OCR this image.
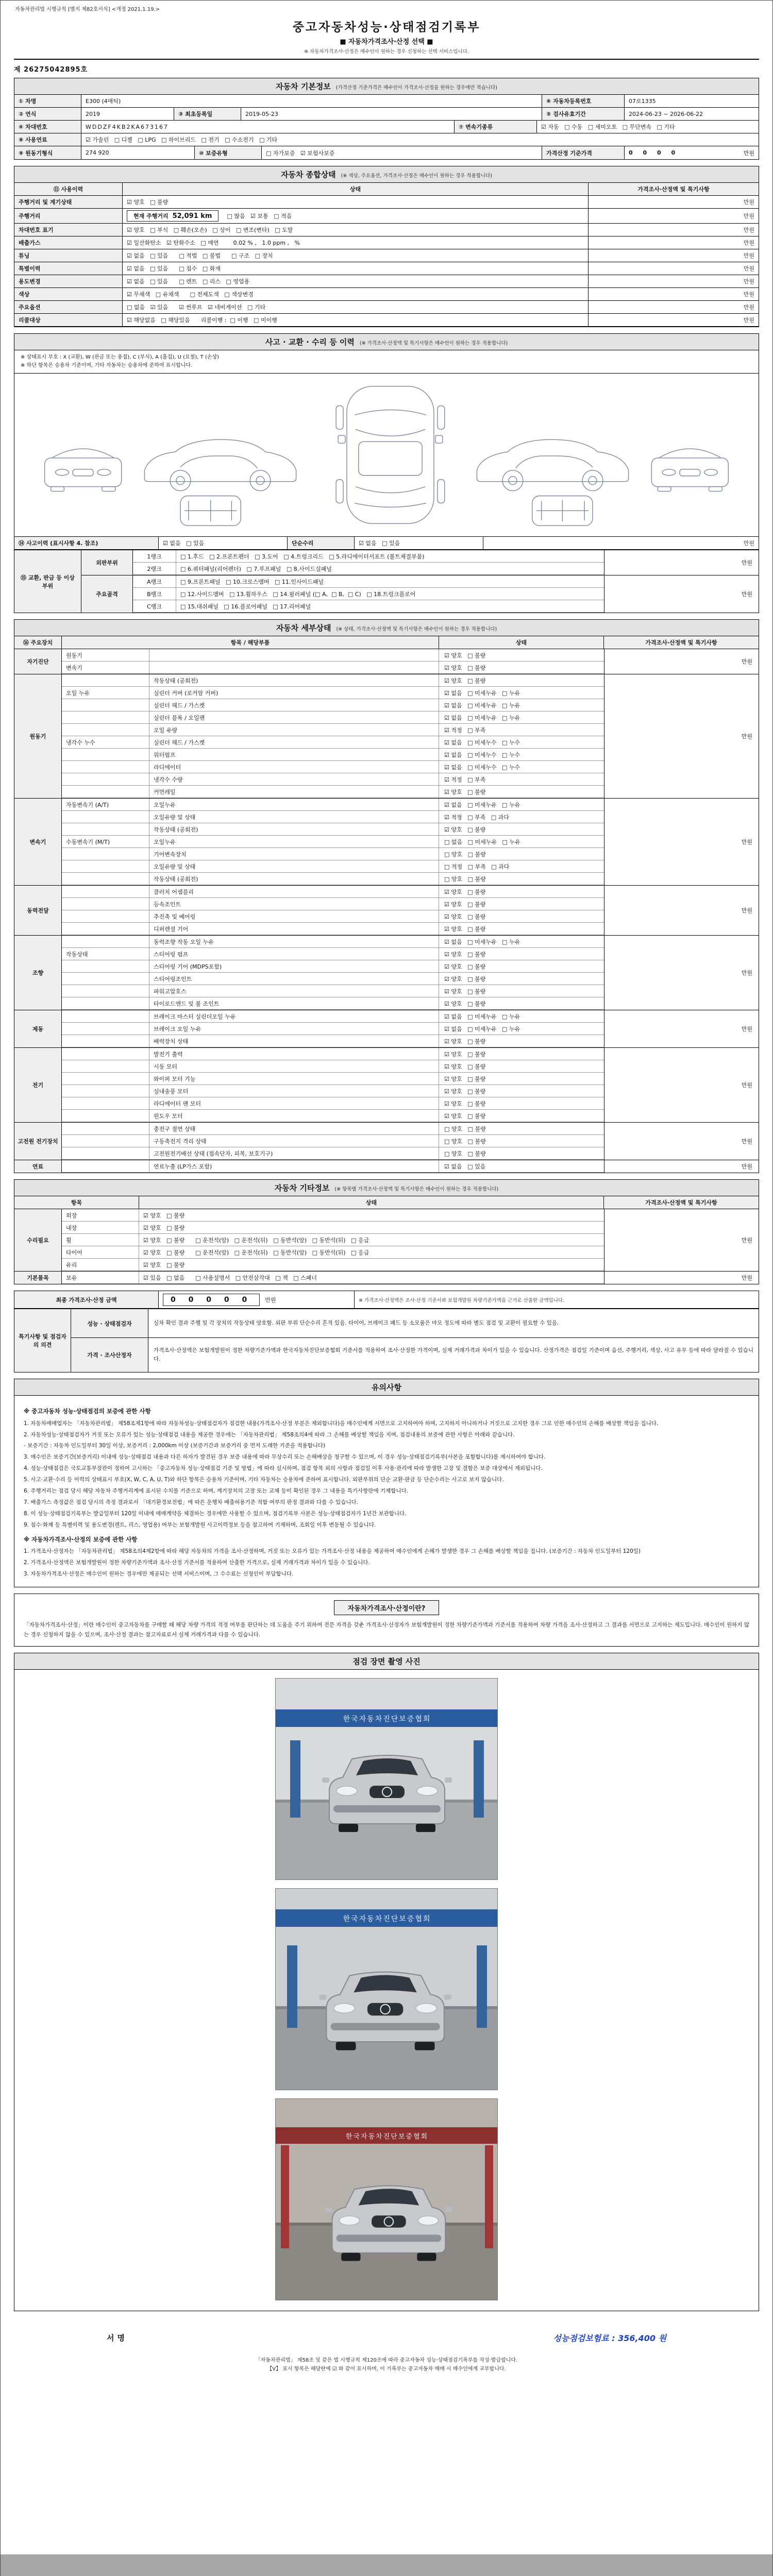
자동차관리법 시행규칙 [별지 제82호서식] <개정 2021.1.19.>
중고자동차성능·상태점검기록부
■ 자동차가격조사·산정 선택 ■
※ 자동차가격조사·산정은 매수인이 원하는 경우 신청하는 선택 서비스입니다.
제 26275042895호
자동차 기본정보 (가격산정 기준가격은 매수인이 가격조사·산정을 원하는 경우에만 적습니다)
① 차명	E300 (4매틱)	⑥ 자동차등록번호	07로1335
② 연식	2019	③ 최초등록일	2019-05-23	⑤ 검사유효기간	2024-06-23 ~ 2026-06-22
④ 차대번호	WDDZF4KB2KA673167	⑦ 변속기종류	☑ 자동   □ 수동   □ 세미오토   □ 무단변속   □ 기타
⑧ 사용연료	☑ 가솔린   □ 디젤   □ LPG   □ 하이브리드   □ 전기   □ 수소전기   □ 기타
⑨ 원동기형식	274 920	⑩ 보증유형	□ 자가보증   ☑ 보험사보증	가격산정 기준가격	0 0 0 0	만원
자동차 종합상태 (※ 색상, 주요옵션, 가격조사·산정은 매수인이 원하는 경우 적용합니다)
⑪ 사용이력	상태	가격조사·산정액 및 특기사항
주행거리 및 계기상태	☑ 양호   □ 불량	만원
주행거리	현재 주행거리 52,091 km	□ 많음   ☑ 보통   □ 적음	만원
차대번호 표기	☑ 양호   □ 부식   □ 훼손(오손)   □ 상이   □ 변조(변타)   □ 도말	만원
배출가스	☑ 일산화탄소   ☑ 탄화수소   □ 매연        0.02 % ,   1.0 ppm ,   %	만원
튜닝	☑ 없음   □ 있음      □ 적법   □ 불법      □ 구조   □ 장치	만원
특별이력	☑ 없음   □ 있음      □ 침수   □ 화재	만원
용도변경	☑ 없음   □ 있음      □ 렌트   □ 리스   □ 영업용	만원
색상	☑ 무채색   □ 유채색      □ 전체도색   □ 색상변경	만원
주요옵션	□ 없음   ☑ 있음      ☑ 썬루프   ☑ 네비게이션   □ 기타	만원
리콜대상	☑ 해당없음   □ 해당있음      리콜이행 :  □ 이행   □ 미이행	만원
사고 · 교환 · 수리 등 이력 (※ 가격조사·산정액 및 특기사항은 매수인이 원하는 경우 적용합니다)
※ 상태표시 부호 : X (교환), W (판금 또는 용접), C (부식), A (흠집), U (요철), T (손상)
※ 하단 항목은 승용차 기준이며, 기타 자동차는 승용차에 준하여 표시합니다.
⑭ 사고이력 (표시사항 4. 참조)	☑ 없음   □ 있음	단순수리	☑ 없음   □ 있음	만원
⑮ 교환, 판금 등 이상 부위
외판부위
1랭크	□ 1.후드   □ 2.프론트펜더   □ 3.도어   □ 4.트렁크리드   □ 5.라디에이터서포트 (볼트체결부품)
2랭크	□ 6.쿼터패널(리어펜더)   □ 7.루프패널   □ 8.사이드실패널
만원
주요골격
A랭크	□ 9.프론트패널   □ 10.크로스멤버   □ 11.인사이드패널
B랭크	□ 12.사이드멤버   □ 13.휠하우스   □ 14.필러패널 (□ A,  □ B,  □ C)   □ 18.트렁크플로어
C랭크	□ 15.대쉬패널   □ 16.플로어패널   □ 17.리어패널
만원
자동차 세부상태 (※ 상태, 가격조사·산정액 및 특기사항은 매수인이 원하는 경우 적용합니다)
⑯ 주요장치	항목 / 해당부품	상태	가격조사·산정액 및 특기사항
자기진단
원동기	☑ 양호   □ 불량
변속기	☑ 양호   □ 불량
만원
원동기
작동상태 (공회전)	☑ 양호   □ 불량
오일 누유	실린더 커버 (로커암 커버)	☑ 없음   □ 미세누유   □ 누유
실린더 헤드 / 가스켓	☑ 없음   □ 미세누유   □ 누유
실린더 블록 / 오일팬	☑ 없음   □ 미세누유   □ 누유
오일 유량	☑ 적정   □ 부족
냉각수 누수	실린더 헤드 / 가스켓	☑ 없음   □ 미세누수   □ 누수
워터펌프	☑ 없음   □ 미세누수   □ 누수
라디에이터	☑ 없음   □ 미세누수   □ 누수
냉각수 수량	☑ 적정   □ 부족
커먼레일	☑ 양호   □ 불량
만원
변속기
자동변속기 (A/T)	오일누유	☑ 없음   □ 미세누유   □ 누유
오일유량 및 상태	☑ 적정   □ 부족   □ 과다
작동상태 (공회전)	☑ 양호   □ 불량
수동변속기 (M/T)	오일누유	□ 없음   □ 미세누유   □ 누유
기어변속장치	□ 양호   □ 불량
오일유량 및 상태	□ 적정   □ 부족   □ 과다
작동상태 (공회전)	□ 양호   □ 불량
만원
동력전달
클러치 어셈블리	☑ 양호   □ 불량
등속조인트	☑ 양호   □ 불량
추진축 및 베어링	☑ 양호   □ 불량
디퍼렌셜 기어	☑ 양호   □ 불량
만원
조향
동력조향 작동 오일 누유	☑ 없음   □ 미세누유   □ 누유
작동상태	스티어링 펌프	☑ 양호   □ 불량
스티어링 기어 (MDPS포함)	☑ 양호   □ 불량
스티어링조인트	☑ 양호   □ 불량
파워고압호스	☑ 양호   □ 불량
타이로드엔드 및 볼 조인트	☑ 양호   □ 불량
만원
제동
브레이크 마스터 실린더오일 누유	☑ 없음   □ 미세누유   □ 누유
브레이크 오일 누유	☑ 없음   □ 미세누유   □ 누유
배력장치 상태	☑ 양호   □ 불량
만원
전기
발전기 출력	☑ 양호   □ 불량
시동 모터	☑ 양호   □ 불량
와이퍼 모터 기능	☑ 양호   □ 불량
실내송풍 모터	☑ 양호   □ 불량
라디에이터 팬 모터	☑ 양호   □ 불량
윈도우 모터	☑ 양호   □ 불량
만원
고전원 전기장치
충전구 절연 상태	□ 양호   □ 불량
구동축전지 격리 상태	□ 양호   □ 불량
고전원전기배선 상태 (접속단자, 피복, 보호기구)	□ 양호   □ 불량
만원
연료	연료누출 (LP가스 포함)	☑ 없음   □ 있음	만원
자동차 기타정보 (※ 항목별 가격조사·산정액 및 특기사항은 매수인이 원하는 경우 적용합니다)
항목	상태	가격조사·산정액 및 특기사항
수리필요
외장	☑ 양호   □ 불량
내장	☑ 양호   □ 불량
휠	☑ 양호   □ 불량      □ 운전석(앞)   □ 운전석(뒤)   □ 동반석(앞)   □ 동반석(뒤)   □ 응급
타이어	☑ 양호   □ 불량      □ 운전석(앞)   □ 운전석(뒤)   □ 동반석(앞)   □ 동반석(뒤)   □ 응급
유리	☑ 양호   □ 불량
만원
기본품목	보유	☑ 있음   □ 없음      □ 사용설명서   □ 안전삼각대   □ 잭   □ 스패너	만원
최종 가격조사·산정 금액	0 0 0 0 0	만원	※ 가격조사·산정액은 조사·산정 기준서와 보험개발원 차량기준가액을 근거로 산출한 금액입니다.
특기사항 및 점검자의 의견
성능 · 상태점검자	실차 확인 결과 주행 및 각 장치의 작동상태 양호함. 외판 부위 단순수리 흔적 있음. 타이어, 브레이크 패드 등 소모품은 마모 정도에 따라 별도 점검 및 교환이 필요할 수 있음.
가격 · 조사산정자
가격조사·산정액은 보험개발원이 정한 차량기준가액과 한국자동차진단보증협회 기준서를 적용하여 조사·산정한 가격이며, 실제 거래가격과 차이가 있을 수 있습니다. 산정가격은 점검일 기준이며 옵션, 주행거리, 색상, 사고 유무 등에 따라 달라질 수 있습니다.
유의사항
※ 중고자동차 성능·상태점검의 보증에 관한 사항
1. 자동차매매업자는 「자동차관리법」 제58조제1항에 따라 자동차성능·상태점검자가 점검한 내용(가격조사·산정 부분은 제외합니다)을 매수인에게 서면으로 고지하여야 하며, 고지하지 아니하거나 거짓으로 고지한 경우 그로 인한 매수인의 손해를 배상할 책임을 집니다.
2. 자동차성능·상태점검자가 거짓 또는 오류가 있는 성능·상태점검 내용을 제공한 경우에는 「자동차관리법」 제58조의4에 따라 그 손해를 배상할 책임을 지며, 점검내용의 보증에 관한 사항은 아래와 같습니다.
- 보증기간 : 자동차 인도일부터 30일 이상, 보증거리 : 2,000km 이상 (보증기간과 보증거리 중 먼저 도래한 기준을 적용합니다)
3. 매수인은 보증기간(보증거리) 이내에 성능·상태점검 내용과 다른 하자가 발견된 경우 보증 내용에 따라 무상수리 또는 손해배상을 청구할 수 있으며, 이 경우 성능·상태점검기록부(사본을 포함합니다)를 제시하여야 합니다.
4. 성능·상태점검은 국토교통부장관이 정하여 고시하는 「중고자동차 성능·상태점검 기준 및 방법」에 따라 실시하며, 점검 항목 외의 사항과 점검일 이후 사용·관리에 따라 발생한 고장 및 결함은 보증 대상에서 제외됩니다.
5. 사고·교환·수리 등 이력의 상태표시 부호(X, W, C, A, U, T)와 하단 항목은 승용차 기준이며, 기타 자동차는 승용차에 준하여 표시합니다. 외판부위의 단순 교환·판금 등 단순수리는 사고로 보지 않습니다.
6. 주행거리는 점검 당시 해당 자동차 주행거리계에 표시된 수치를 기준으로 하며, 계기장치의 고장 또는 교체 등이 확인된 경우 그 내용을 특기사항란에 기재합니다.
7. 배출가스 측정값은 점검 당시의 측정 결과로서 「대기환경보전법」에 따른 운행차 배출허용기준 적합 여부의 판정 결과와 다를 수 있습니다.
8. 이 성능·상태점검기록부는 발급일부터 120일 이내에 매매계약을 체결하는 경우에만 사용할 수 있으며, 점검기록부 사본은 성능·상태점검자가 1년간 보관합니다.
9. 침수·화재 등 특별이력 및 용도변경(렌트, 리스, 영업용) 여부는 보험개발원 사고이력정보 등을 참고하여 기재하며, 조회일 이후 변동될 수 있습니다.
※ 자동차가격조사·산정의 보증에 관한 사항
1. 가격조사·산정자는 「자동차관리법」 제58조의4제2항에 따라 해당 자동차의 가격을 조사·산정하며, 거짓 또는 오류가 있는 가격조사·산정 내용을 제공하여 매수인에게 손해가 발생한 경우 그 손해를 배상할 책임을 집니다. (보증기간 : 자동차 인도일부터 120일)
2. 가격조사·산정액은 보험개발원이 정한 차량기준가액과 조사·산정 기준서를 적용하여 산출한 가격으로, 실제 거래가격과 차이가 있을 수 있습니다.
3. 자동차가격조사·산정은 매수인이 원하는 경우에만 제공되는 선택 서비스이며, 그 수수료는 신청인이 부담합니다.
자동차가격조사·산정이란?
「자동차가격조사·산정」이란 매수인이 중고자동차를 구매할 때 해당 차량 가격의 적정 여부를 판단하는 데 도움을 주기 위하여 전문 자격을 갖춘 가격조사·산정자가 보험개발원이 정한 차량기준가액과 기준서를 적용하여 차량 가격을 조사·산정하고 그 결과를 서면으로 고지하는 제도입니다. 매수인이 원하지 않는 경우 신청하지 않을 수 있으며, 조사·산정 결과는 참고자료로서 실제 거래가격과 다를 수 있습니다.
점검 장면 촬영 사진
한국자동차진단보증협회
한국자동차진단보증협회
한국자동차진단보증협회
서명	성능점검보험료 : 356,400 원
「자동차관리법」 제58조 및 같은 법 시행규칙 제120조에 따라 중고자동차 성능·상태점검기록부를 작성·발급합니다.
【V】 표시 항목은 해당란에 ☑ 와 같이 표시하며, 이 기록부는 중고자동차 매매 시 매수인에게 교부합니다.
